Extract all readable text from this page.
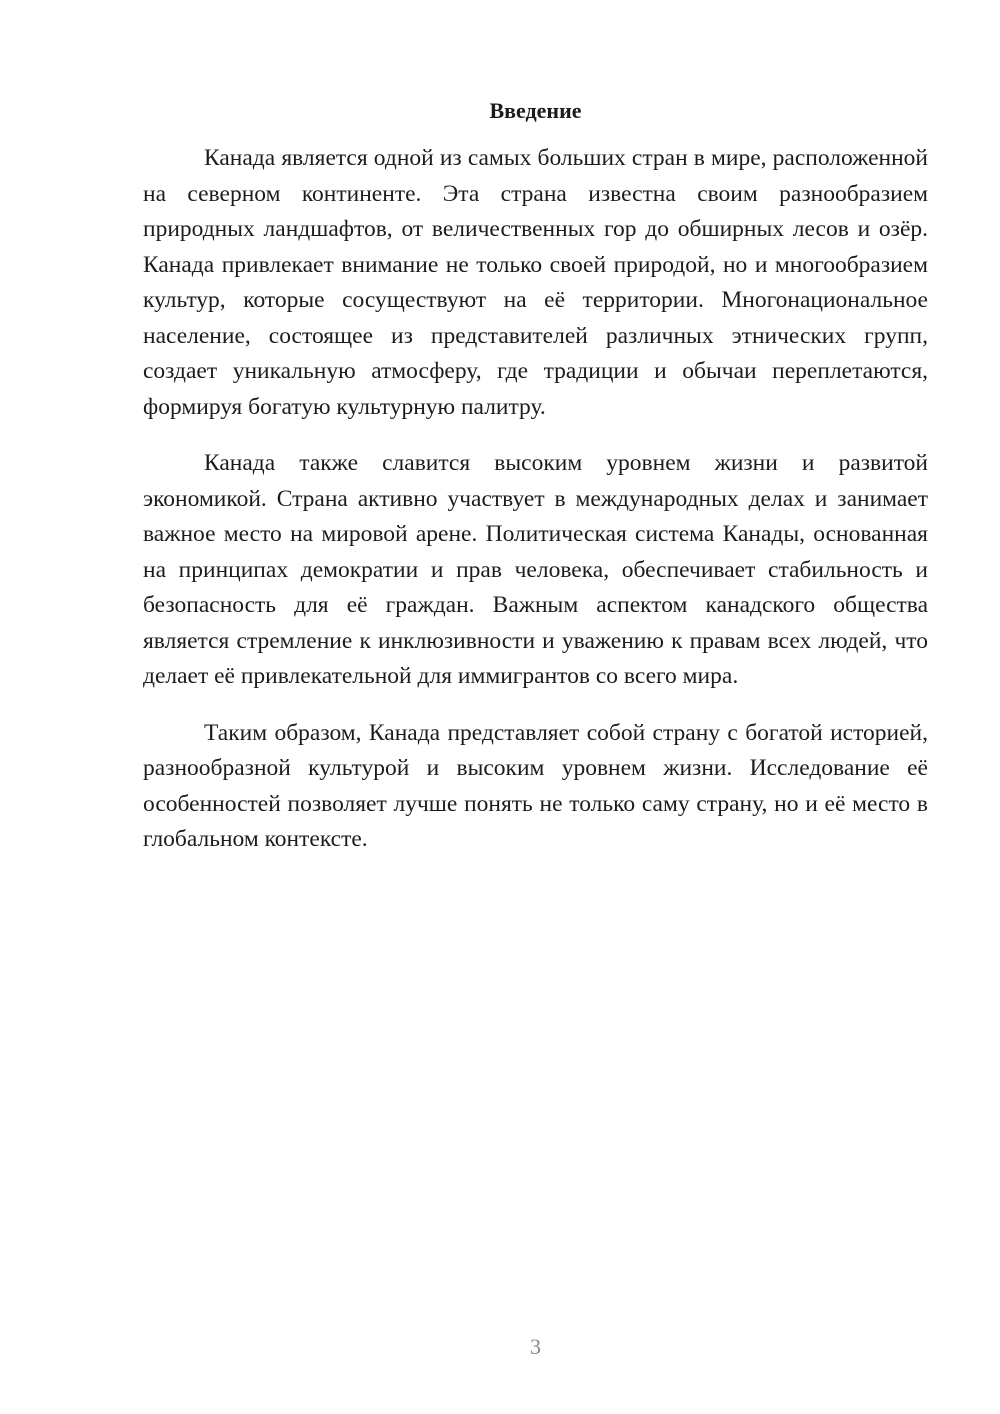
Введение

Канада является одной из самых больших стран в мире, расположенной на северном континенте. Эта страна известна своим разнообразием природных ландшафтов, от величественных гор до обширных лесов и озёр. Канада привлекает внимание не только своей природой, но и многообразием культур, которые сосуществуют на её территории. Многонациональное население, состоящее из представителей различных этнических групп, создает уникальную атмосферу, где традиции и обычаи переплетаются, формируя богатую культурную палитру.

Канада также славится высоким уровнем жизни и развитой экономикой. Страна активно участвует в международных делах и занимает важное место на мировой арене. Политическая система Канады, основанная на принципах демократии и прав человека, обеспечивает стабильность и безопасность для её граждан. Важным аспектом канадского общества является стремление к инклюзивности и уважению к правам всех людей, что делает её привлекательной для иммигрантов со всего мира.

Таким образом, Канада представляет собой страну с богатой историей, разнообразной культурой и высоким уровнем жизни. Исследование её особенностей позволяет лучше понять не только саму страну, но и её место в глобальном контексте.

3
